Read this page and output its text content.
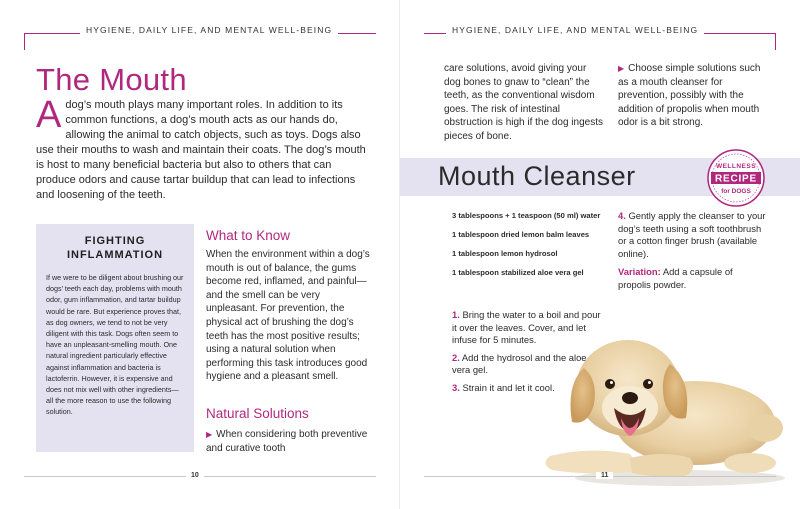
HYGIENE, DAILY LIFE, AND MENTAL WELL-BEING
The Mouth
A dog’s mouth plays many important roles. In addition to its common functions, a dog’s mouth acts as our hands do, allowing the animal to catch objects, such as toys. Dogs also use their mouths to wash and maintain their coats. The dog’s mouth is host to many beneficial bacteria but also to others that can produce odors and cause tartar buildup that can lead to infections and loosening of the teeth.
FIGHTING
INFLAMMATION
If we were to be diligent about brushing our dogs’ teeth each day, problems with mouth odor, gum inflammation, and tartar buildup would be rare. But experience proves that, as dog owners, we tend to not be very diligent with this task. Dogs often seem to have an unpleasant-smelling mouth. One natural ingredient particularly effective against inflammation and bacteria is lactoferrin. However, it is expensive and does not mix well with other ingredients—all the more reason to use the following solution.
What to Know
When the environment within a dog’s mouth is out of balance, the gums become red, inflamed, and painful—and the smell can be very unpleasant. For prevention, the physical act of brushing the dog’s teeth has the most positive results; using a natural solution when performing this task introduces good hygiene and a pleasant smell.
Natural Solutions
▶ When considering both preventive and curative tooth
10
HYGIENE, DAILY LIFE, AND MENTAL WELL-BEING
care solutions, avoid giving your dog bones to gnaw to “clean” the teeth, as the conventional wisdom goes. The risk of intestinal obstruction is high if the dog ingests pieces of bone.
▶ Choose simple solutions such as a mouth cleanser for prevention, possibly with the addition of propolis when mouth odor is a bit strong.
Mouth Cleanser	WELLNESS
RECIPE
for DOGS
3 tablespoons + 1 teaspoon (50 ml) water
1 tablespoon dried lemon balm leaves
1 tablespoon lemon hydrosol
1 tablespoon stabilized aloe vera gel
1. Bring the water to a boil and pour it over the leaves. Cover, and let infuse for 5 minutes.
2. Add the hydrosol and the aloe vera gel.
3. Strain it and let it cool.
4. Gently apply the cleanser to your dog’s teeth using a soft toothbrush or a cotton finger brush (available online).
Variation: Add a capsule of propolis powder.
11
